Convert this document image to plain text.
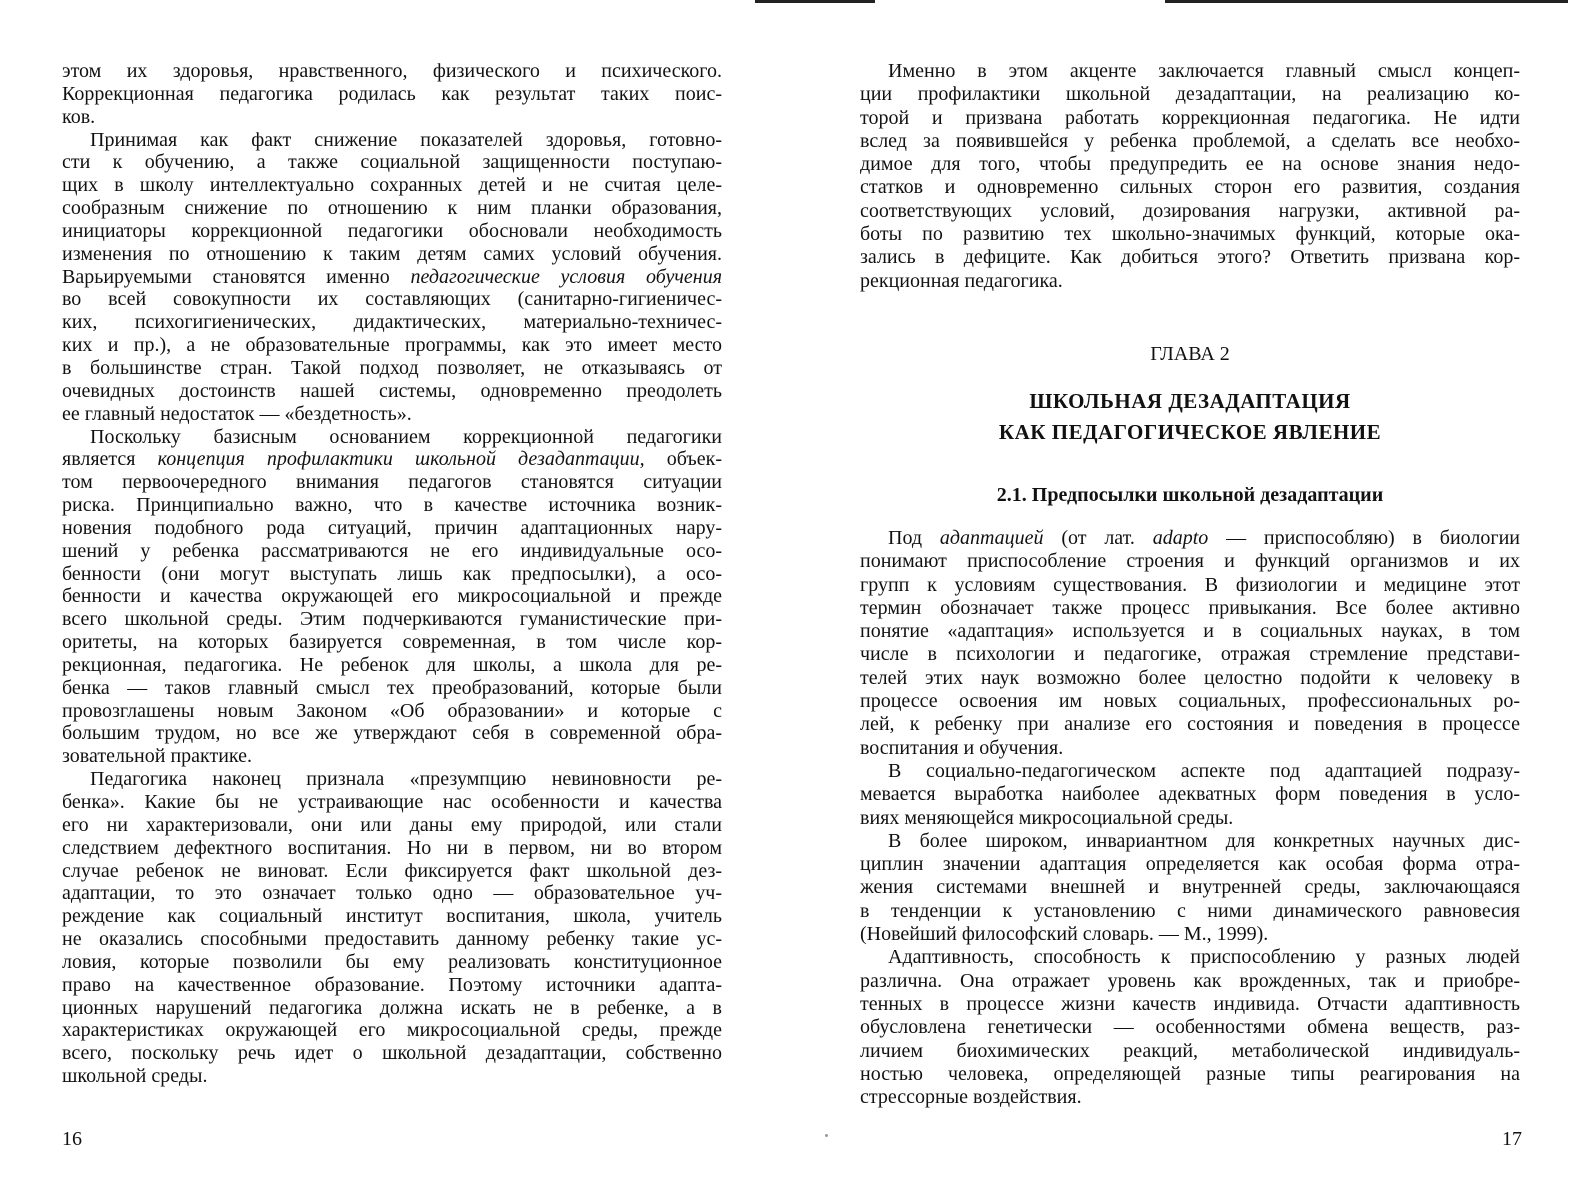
этом их здоровья, нравственного, физического и психического.
Коррекционная педагогика родилась как результат таких поис-
ков.
Принимая как факт снижение показателей здоровья, готовно-
сти к обучению, а также социальной защищенности поступаю-
щих в школу интеллектуально сохранных детей и не считая целе-
сообразным снижение по отношению к ним планки образования,
инициаторы коррекционной педагогики обосновали необходимость
изменения по отношению к таким детям самих условий обучения.
Варьируемыми становятся именно педагогические условия обучения
во всей совокупности их составляющих (санитарно-гигиеничес-
ких, психогигиенических, дидактических, материально-техничес-
ких и пр.), а не образовательные программы, как это имеет место
в большинстве стран. Такой подход позволяет, не отказываясь от
очевидных достоинств нашей системы, одновременно преодолеть
ее главный недостаток — «бездетность».
Поскольку базисным основанием коррекционной педагогики
является концепция профилактики школьной дезадаптации, объек-
том первоочередного внимания педагогов становятся ситуации
риска. Принципиально важно, что в качестве источника возник-
новения подобного рода ситуаций, причин адаптационных нару-
шений у ребенка рассматриваются не его индивидуальные осо-
бенности (они могут выступать лишь как предпосылки), а осо-
бенности и качества окружающей его микросоциальной и прежде
всего школьной среды. Этим подчеркиваются гуманистические при-
оритеты, на которых базируется современная, в том числе кор-
рекционная, педагогика. Не ребенок для школы, а школа для ре-
бенка — таков главный смысл тех преобразований, которые были
провозглашены новым Законом «Об образовании» и которые с
большим трудом, но все же утверждают себя в современной обра-
зовательной практике.
Педагогика наконец признала «презумпцию невиновности ре-
бенка». Какие бы не устраивающие нас особенности и качества
его ни характеризовали, они или даны ему природой, или стали
следствием дефектного воспитания. Но ни в первом, ни во втором
случае ребенок не виноват. Если фиксируется факт школьной дез-
адаптации, то это означает только одно — образовательное уч-
реждение как социальный институт воспитания, школа, учитель
не оказались способными предоставить данному ребенку такие ус-
ловия, которые позволили бы ему реализовать конституционное
право на качественное образование. Поэтому источники адапта-
ционных нарушений педагогика должна искать не в ребенке, а в
характеристиках окружающей его микросоциальной среды, прежде
всего, поскольку речь идет о школьной дезадаптации, собственно
школьной среды.
16
Именно в этом акценте заключается главный смысл концеп-
ции профилактики школьной дезадаптации, на реализацию ко-
торой и призвана работать коррекционная педагогика. Не идти
вслед за появившейся у ребенка проблемой, а сделать все необхо-
димое для того, чтобы предупредить ее на основе знания недо-
статков и одновременно сильных сторон его развития, создания
соответствующих условий, дозирования нагрузки, активной ра-
боты по развитию тех школьно-значимых функций, которые ока-
зались в дефиците. Как добиться этого? Ответить призвана кор-
рекционная педагогика.
ГЛАВА 2
ШКОЛЬНАЯ ДЕЗАДАПТАЦИЯ
КАК ПЕДАГОГИЧЕСКОЕ ЯВЛЕНИЕ
2.1. Предпосылки школьной дезадаптации
Под адаптацией (от лат. adapto — приспособляю) в биологии
понимают приспособление строения и функций организмов и их
групп к условиям существования. В физиологии и медицине этот
термин обозначает также процесс привыкания. Все более активно
понятие «адаптация» используется и в социальных науках, в том
числе в психологии и педагогике, отражая стремление представи-
телей этих наук возможно более целостно подойти к человеку в
процессе освоения им новых социальных, профессиональных ро-
лей, к ребенку при анализе его состояния и поведения в процессе
воспитания и обучения.
В социально-педагогическом аспекте под адаптацией подразу-
мевается выработка наиболее адекватных форм поведения в усло-
виях меняющейся микросоциальной среды.
В более широком, инвариантном для конкретных научных дис-
циплин значении адаптация определяется как особая форма отра-
жения системами внешней и внутренней среды, заключающаяся
в тенденции к установлению с ними динамического равновесия
(Новейший философский словарь. — М., 1999).
Адаптивность, способность к приспособлению у разных людей
различна. Она отражает уровень как врожденных, так и приобре-
тенных в процессе жизни качеств индивида. Отчасти адаптивность
обусловлена генетически — особенностями обмена веществ, раз-
личием биохимических реакций, метаболической индивидуаль-
ностью человека, определяющей разные типы реагирования на
стрессорные воздействия.
17
